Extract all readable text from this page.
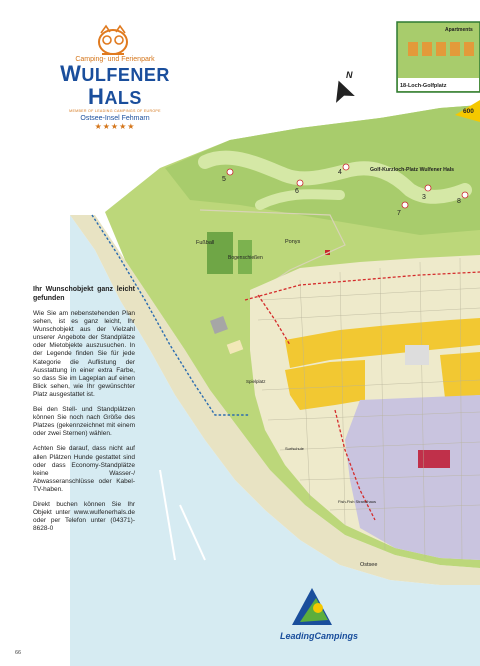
Golf-Kurzloch-Platz Wulfener Hals
Fußball	Ponys
Bogenschießen
Spielplatz
Surfschule
Fish-Fish Strandhaus
Ostsee
Apartments
18-Loch-Golfplatz
600
N
5
6
4
7
3
8
Camping- und Ferienpark
WULFENER HALS
MEMBER OF LEADING CAMPINGS OF EUROPE
Ostsee-Insel Fehmarn
★★★★★

Ihr Wunschobjekt ganz leicht gefunden

Wie Sie am nebenstehenden Plan sehen, ist es ganz leicht, Ihr Wunschobjekt aus der Vielzahl unserer Angebote der Standplätze oder Mietobjekte auszusuchen. In der Legende finden Sie für jede Kategorie die Auflistung der Ausstattung in einer extra Farbe, so dass Sie im Lageplan auf einen Blick sehen, wie Ihr gewünschter Platz ausgestattet ist.

Bei den Stell- und Standplätzen können Sie noch nach Größe des Platzes (gekennzeichnet mit einem oder zwei Sternen) wählen.

Achten Sie darauf, dass nicht auf allen Plätzen Hunde gestattet sind oder dass Economy-Standplätze keine Wasser-/ Abwasseranschlüsse oder Kabel-TV-haben.

Direkt buchen können Sie Ihr Objekt unter www.wulfenerhals.de oder per Telefon unter (04371)- 8628-0

LeadingCampings
66
